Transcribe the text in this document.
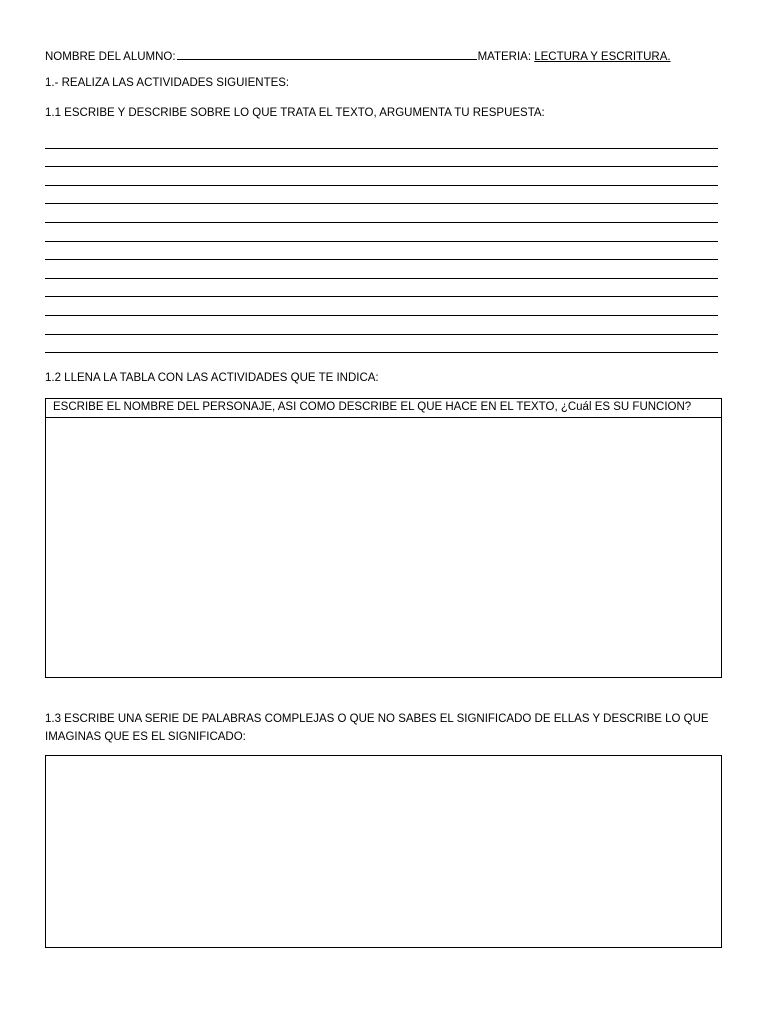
NOMBRE DEL ALUMNO:	MATERIA: LECTURA Y ESCRITURA.
1.- REALIZA LAS ACTIVIDADES SIGUIENTES:
1.1 ESCRIBE Y DESCRIBE SOBRE LO QUE TRATA EL TEXTO, ARGUMENTA TU RESPUESTA:
1.2 LLENA LA TABLA CON LAS ACTIVIDADES QUE TE INDICA:
ESCRIBE EL NOMBRE DEL PERSONAJE, ASI COMO DESCRIBE EL QUE HACE EN EL TEXTO, ¿Cuál ES SU FUNCION?
1.3 ESCRIBE UNA SERIE DE PALABRAS COMPLEJAS O QUE NO SABES EL SIGNIFICADO DE ELLAS Y DESCRIBE LO QUE IMAGINAS QUE ES EL SIGNIFICADO:
